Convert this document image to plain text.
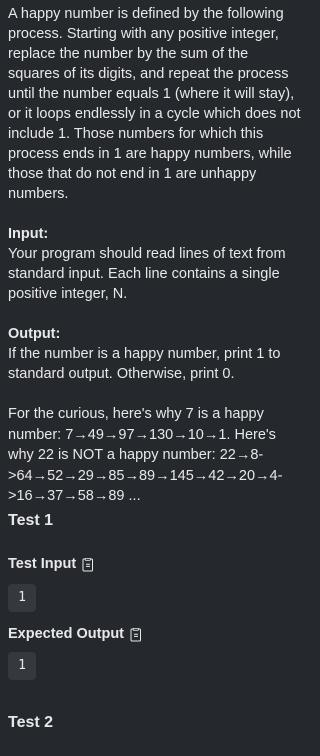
A happy number is defined by the following process. Starting with any positive integer, replace the number by the sum of the squares of its digits, and repeat the process until the number equals 1 (where it will stay), or it loops endlessly in a cycle which does not include 1. Those numbers for which this process ends in 1 are happy numbers, while those that do not end in 1 are unhappy numbers.

Input:

Your program should read lines of text from standard input. Each line contains a single positive integer, N.

Output:

If the number is a happy number, print 1 to standard output. Otherwise, print 0.

For the curious, here's why 7 is a happy number: 7→49→97→130→10→1. Here's why 22 is NOT a happy number: 22→8->64→52→29→85→89→145→42→20→4->16→37→58→89 ...

Test 1
Test Input
1
Expected Output
1
Test 2
